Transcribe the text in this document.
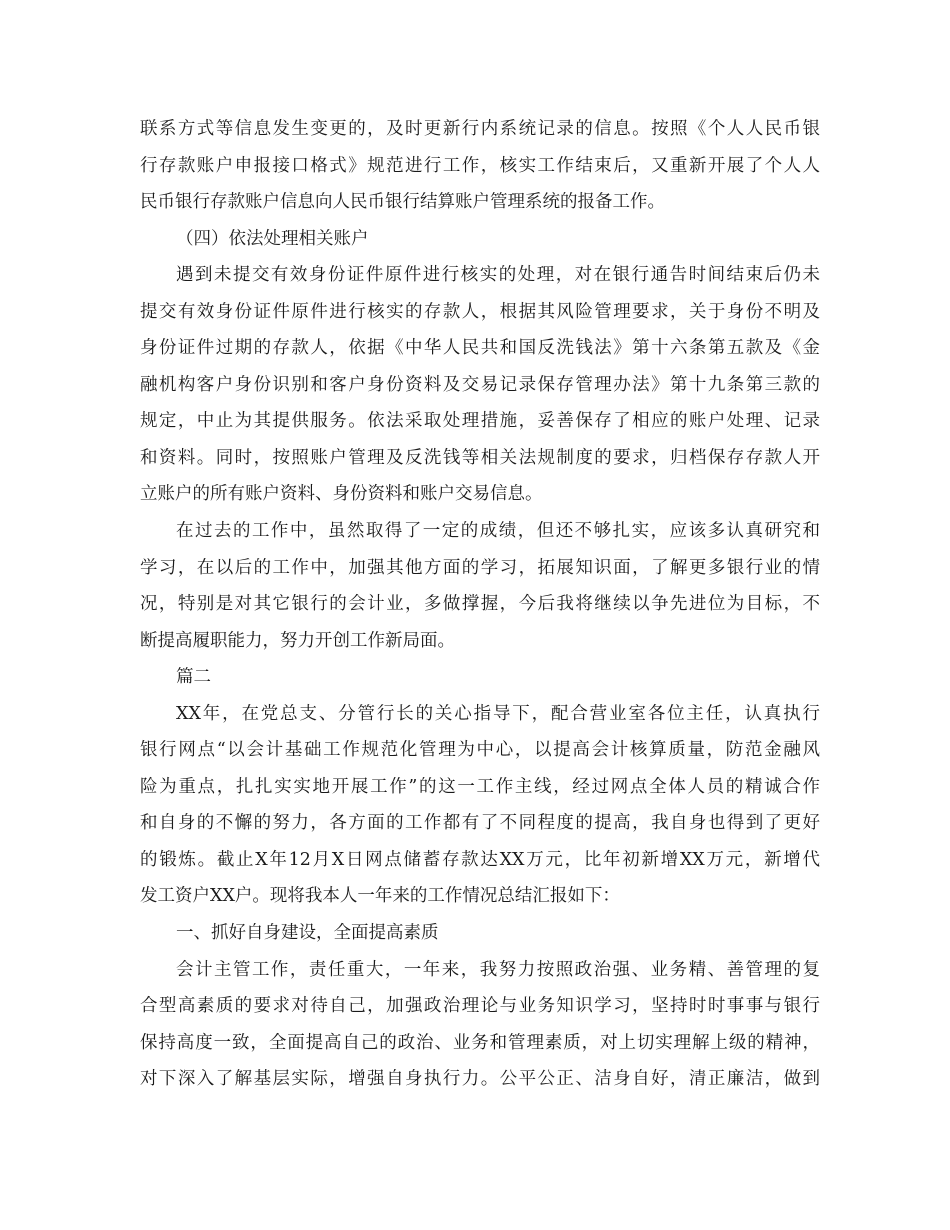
联系方式等信息发生变更的，及时更新行内系统记录的信息。按照《个人人民币银
行存款账户申报接口格式》规范进行工作，核实工作结束后，又重新开展了个人人
民币银行存款账户信息向人民币银行结算账户管理系统的报备工作。
（四）依法处理相关账户
遇到未提交有效身份证件原件进行核实的处理，对在银行通告时间结束后仍未
提交有效身份证件原件进行核实的存款人，根据其风险管理要求，关于身份不明及
身份证件过期的存款人，依据《中华人民共和国反洗钱法》第十六条第五款及《金
融机构客户身份识别和客户身份资料及交易记录保存管理办法》第十九条第三款的
规定，中止为其提供服务。依法采取处理措施，妥善保存了相应的账户处理、记录
和资料。同时，按照账户管理及反洗钱等相关法规制度的要求，归档保存存款人开
立账户的所有账户资料、身份资料和账户交易信息。
在过去的工作中，虽然取得了一定的成绩，但还不够扎实，应该多认真研究和
学习，在以后的工作中，加强其他方面的学习，拓展知识面，了解更多银行业的情
况，特别是对其它银行的会计业，多做撑握，今后我将继续以争先进位为目标，不
断提高履职能力，努力开创工作新局面。
篇二
XX年，在党总支、分管行长的关心指导下，配合营业室各位主任，认真执行
银行网点“以会计基础工作规范化管理为中心，以提高会计核算质量，防范金融风
险为重点，扎扎实实地开展工作”的这一工作主线，经过网点全体人员的精诚合作
和自身的不懈的努力，各方面的工作都有了不同程度的提高，我自身也得到了更好
的锻炼。截止X年12月X日网点储蓄存款达XX万元，比年初新增XX万元，新增代
发工资户XX户。现将我本人一年来的工作情况总结汇报如下：
一、抓好自身建设，全面提高素质
会计主管工作，责任重大，一年来，我努力按照政治强、业务精、善管理的复
合型高素质的要求对待自己，加强政治理论与业务知识学习，坚持时时事事与银行
保持高度一致，全面提高自己的政治、业务和管理素质，对上切实理解上级的精神，
对下深入了解基层实际，增强自身执行力。公平公正、洁身自好，清正廉洁，做到
